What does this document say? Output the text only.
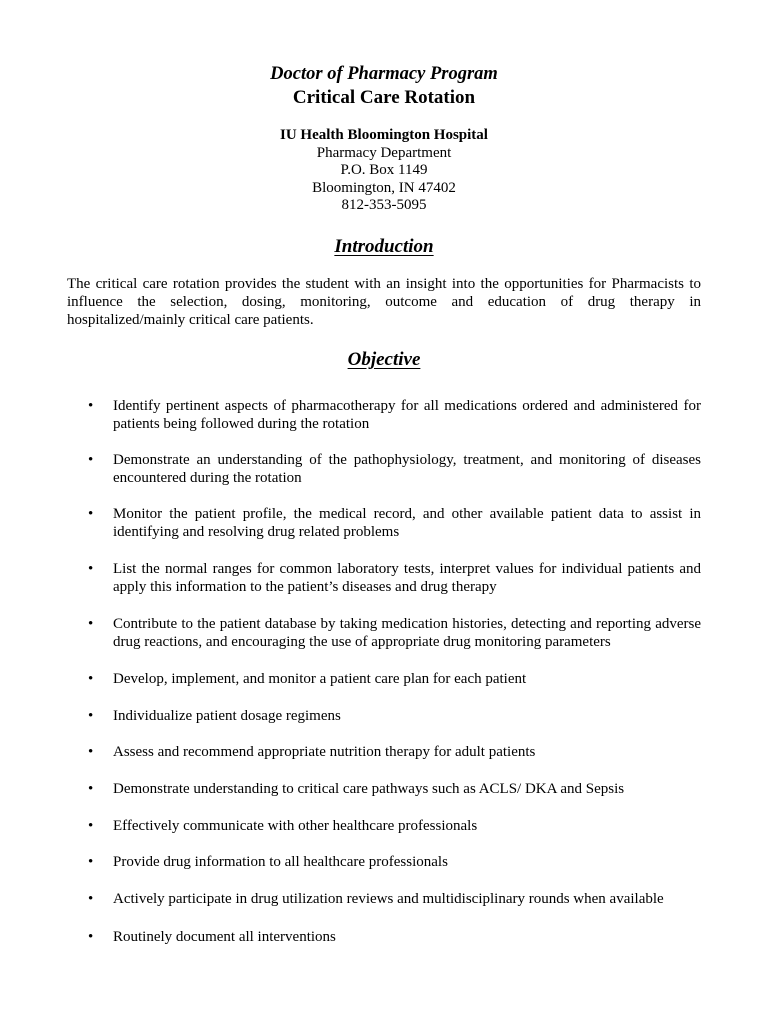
Doctor of Pharmacy Program
Critical Care Rotation
IU Health Bloomington Hospital
Pharmacy Department
P.O. Box 1149
Bloomington, IN 47402
812-353-5095
Introduction
The critical care rotation provides the student with an insight into the opportunities for Pharmacists to influence the selection, dosing, monitoring, outcome and education of drug therapy in hospitalized/mainly critical care patients.
Objective
•	Identify pertinent aspects of pharmacotherapy for all medications ordered and administered for patients being followed during the rotation
•	Demonstrate an understanding of the pathophysiology, treatment, and monitoring of diseases encountered during the rotation
•	Monitor the patient profile, the medical record, and other available patient data to assist in identifying and resolving drug related problems
•	List the normal ranges for common laboratory tests, interpret values for individual patients and apply this information to the patient’s diseases and drug therapy
•	Contribute to the patient database by taking medication histories, detecting and reporting adverse drug reactions, and encouraging the use of appropriate drug monitoring parameters
•	Develop, implement, and monitor a patient care plan for each patient
•	Individualize patient dosage regimens
•	Assess and recommend appropriate nutrition therapy for adult patients
•	Demonstrate understanding to critical care pathways such as ACLS/ DKA and Sepsis
•	Effectively communicate with other healthcare professionals
•	Provide drug information to all healthcare professionals
•	Actively participate in drug utilization reviews and multidisciplinary rounds when available
•	Routinely document all interventions
